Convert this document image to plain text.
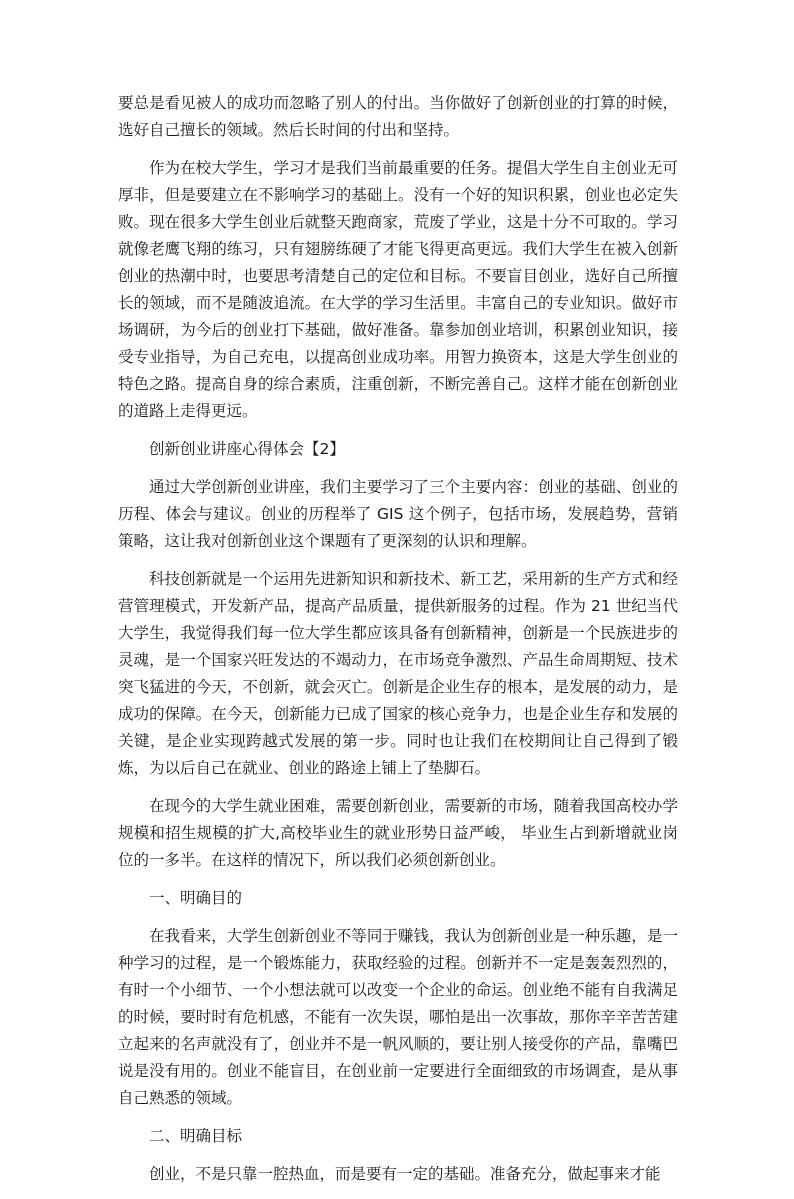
要总是看见被人的成功而忽略了别人的付出。当你做好了创新创业的打算的时候，选好自己擅长的领域。然后长时间的付出和坚持。

作为在校大学生，学习才是我们当前最重要的任务。提倡大学生自主创业无可厚非，但是要建立在不影响学习的基础上。没有一个好的知识积累，创业也必定失败。现在很多大学生创业后就整天跑商家，荒废了学业，这是十分不可取的。学习就像老鹰飞翔的练习，只有翅膀练硬了才能飞得更高更远。我们大学生在被入创新创业的热潮中时，也要思考清楚自己的定位和目标。不要盲目创业，选好自己所擅长的领域，而不是随波追流。在大学的学习生活里。丰富自己的专业知识。做好市场调研，为今后的创业打下基础，做好准备。靠参加创业培训，积累创业知识，接受专业指导，为自己充电，以提高创业成功率。用智力换资本，这是大学生创业的特色之路。提高自身的综合素质，注重创新，不断完善自己。这样才能在创新创业的道路上走得更远。

创新创业讲座心得体会【2】

通过大学创新创业讲座，我们主要学习了三个主要内容：创业的基础、创业的历程、体会与建议。创业的历程举了 GIS 这个例子，包括市场，发展趋势，营销策略，这让我对创新创业这个课题有了更深刻的认识和理解。

科技创新就是一个运用先进新知识和新技术、新工艺，采用新的生产方式和经营管理模式，开发新产品，提高产品质量，提供新服务的过程。作为 21 世纪当代大学生，我觉得我们每一位大学生都应该具备有创新精神，创新是一个民族进步的灵魂，是一个国家兴旺发达的不竭动力，在市场竞争激烈、产品生命周期短、技术突飞猛进的今天，不创新，就会灭亡。创新是企业生存的根本，是发展的动力，是成功的保障。在今天，创新能力已成了国家的核心竞争力，也是企业生存和发展的关键，是企业实现跨越式发展的第一步。同时也让我们在校期间让自己得到了锻炼，为以后自己在就业、创业的路途上铺上了垫脚石。

在现今的大学生就业困难，需要创新创业，需要新的市场，随着我国高校办学规模和招生规模的扩大,高校毕业生的就业形势日益严峻， 毕业生占到新增就业岗位的一多半。在这样的情况下，所以我们必须创新创业。

一、明确目的

在我看来，大学生创新创业不等同于赚钱，我认为创新创业是一种乐趣，是一种学习的过程，是一个锻炼能力，获取经验的过程。创新并不一定是轰轰烈烈的，有时一个小细节、一个小想法就可以改变一个企业的命运。创业绝不能有自我满足的时候，要时时有危机感，不能有一次失误，哪怕是出一次事故，那你辛辛苦苦建立起来的名声就没有了，创业并不是一帆风顺的，要让别人接受你的产品，靠嘴巴说是没有用的。创业不能盲目，在创业前一定要进行全面细致的市场调查，是从事自己熟悉的领域。

二、明确目标

创业，不是只靠一腔热血，而是要有一定的基础。准备充分，做起事来才能
